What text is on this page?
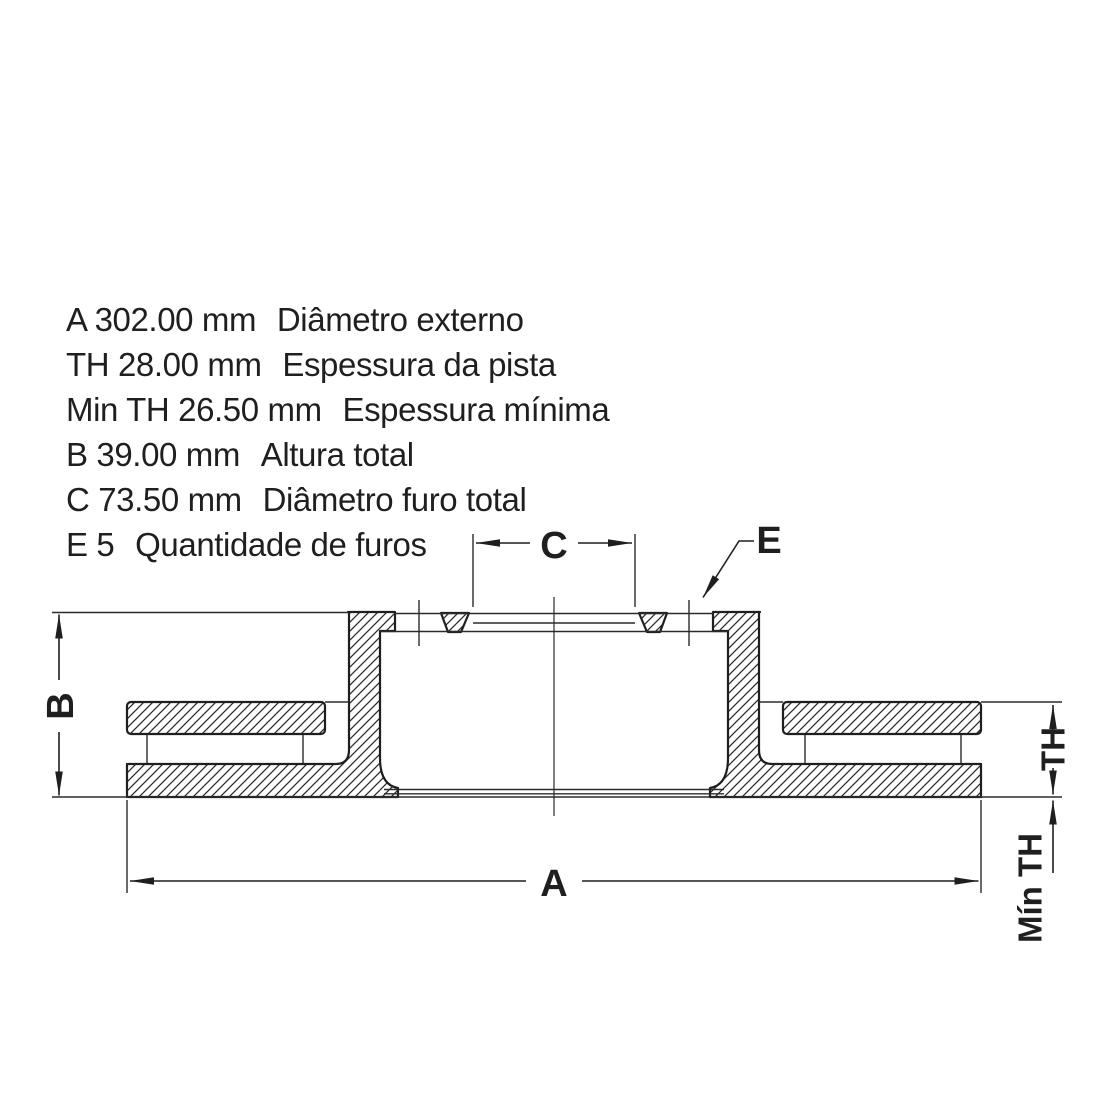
A 302.00 mm Diâmetro externo
TH 28.00 mm Espessura da pista
Min TH 26.50 mm Espessura mínima
B 39.00 mm Altura total
C 73.50 mm Diâmetro furo total
E 5 Quantidade de furos
B
A
C	E
TH
Mín TH
